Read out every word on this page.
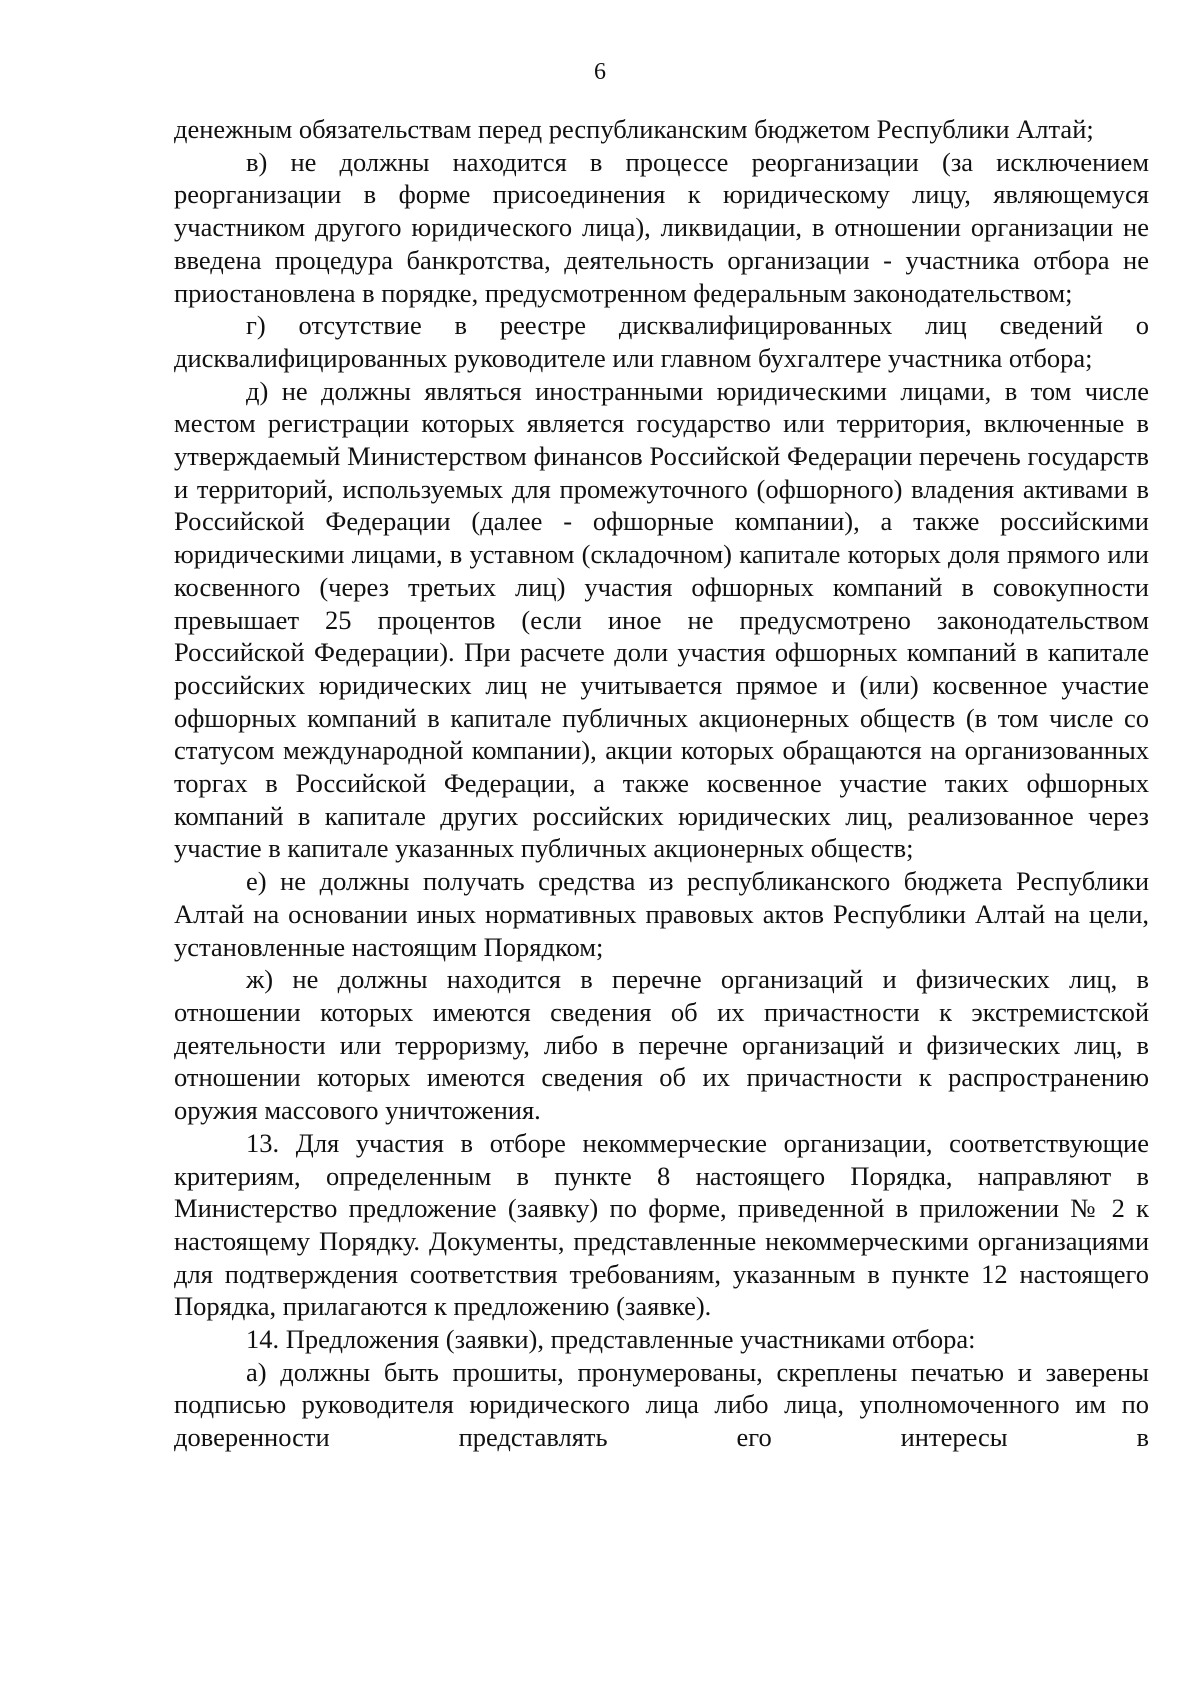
6

денежным обязательствам перед республиканским бюджетом Республики Алтай;

в) не должны находится в процессе реорганизации (за исключением реорганизации в форме присоединения к юридическому лицу, являющемуся участником другого юридического лица), ликвидации, в отношении организации не введена процедура банкротства, деятельность организации - участника отбора не приостановлена в порядке, предусмотренном федеральным законодательством;

г) отсутствие в реестре дисквалифицированных лиц сведений о дисквалифицированных руководителе или главном бухгалтере участника отбора;

д) не должны являться иностранными юридическими лицами, в том числе местом регистрации которых является государство или территория, включенные в утверждаемый Министерством финансов Российской Федерации перечень государств и территорий, используемых для промежуточного (офшорного) владения активами в Российской Федерации (далее - офшорные компании), а также российскими юридическими лицами, в уставном (складочном) капитале которых доля прямого или косвенного (через третьих лиц) участия офшорных компаний в совокупности превышает 25 процентов (если иное не предусмотрено законодательством Российской Федерации). При расчете доли участия офшорных компаний в капитале российских юридических лиц не учитывается прямое и (или) косвенное участие офшорных компаний в капитале публичных акционерных обществ (в том числе со статусом международной компании), акции которых обращаются на организованных торгах в Российской Федерации, а также косвенное участие таких офшорных компаний в капитале других российских юридических лиц, реализованное через участие в капитале указанных публичных акционерных обществ;

е) не должны получать средства из республиканского бюджета Республики Алтай на основании иных нормативных правовых актов Республики Алтай на цели, установленные настоящим Порядком;

ж) не должны находится в перечне организаций и физических лиц, в отношении которых имеются сведения об их причастности к экстремистской деятельности или терроризму, либо в перечне организаций и физических лиц, в отношении которых имеются сведения об их причастности к распространению оружия массового уничтожения.

13. Для участия в отборе некоммерческие организации, соответствующие критериям, определенным в пункте 8 настоящего Порядка, направляют в Министерство предложение (заявку) по форме, приведенной в приложении № 2 к настоящему Порядку. Документы, представленные некоммерческими организациями для подтверждения соответствия требованиям, указанным в пункте 12 настоящего Порядка, прилагаются к предложению (заявке).

14. Предложения (заявки), представленные участниками отбора:

а) должны быть прошиты, пронумерованы, скреплены печатью и заверены подписью руководителя юридического лица либо лица, уполномоченного им по доверенности представлять его интересы в
